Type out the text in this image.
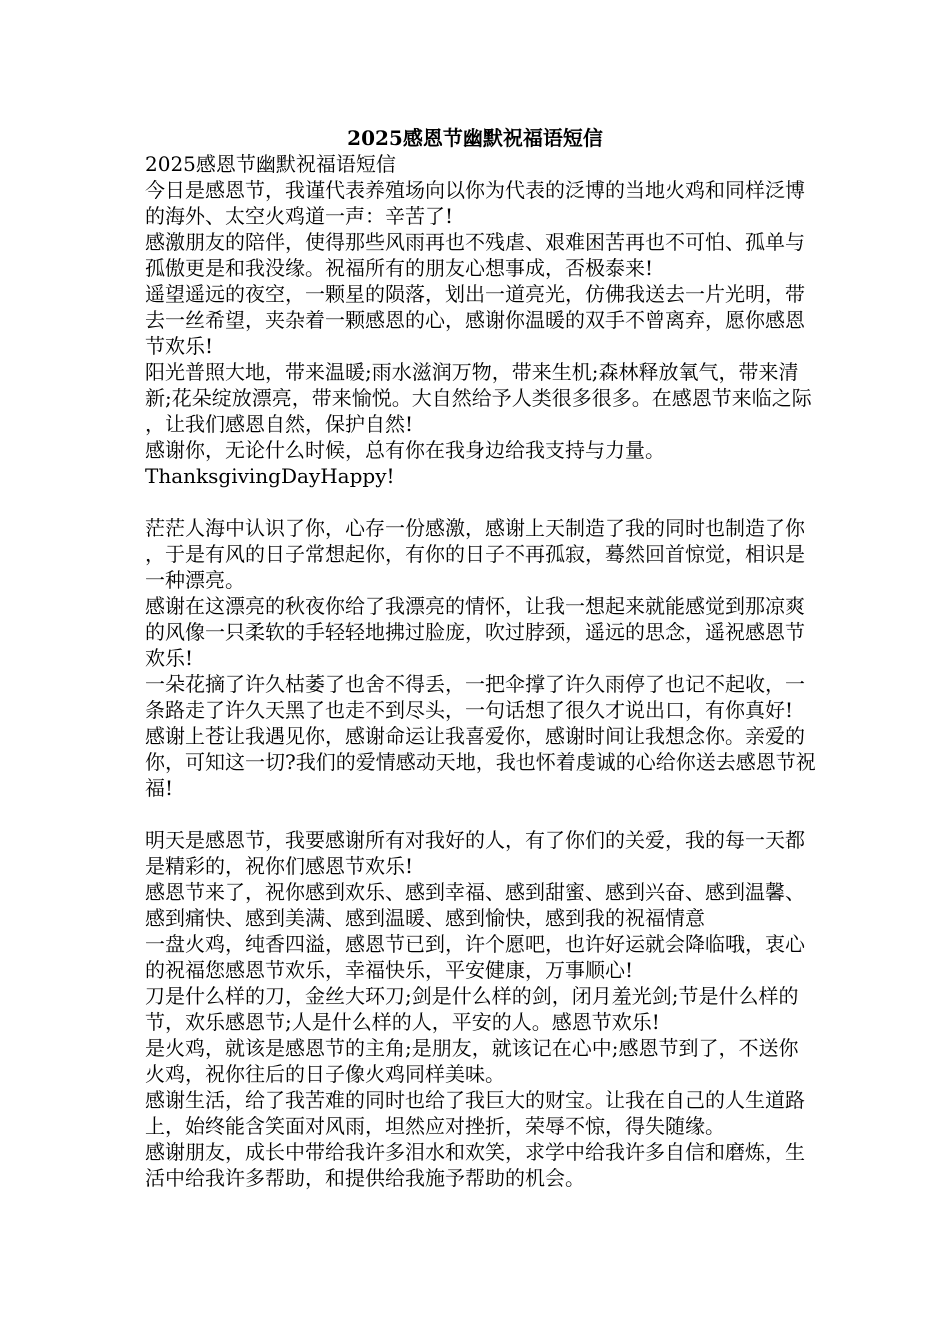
2025感恩节幽默祝福语短信

2025感恩节幽默祝福语短信

今日是感恩节，我谨代表养殖场向以你为代表的泛博的当地火鸡和同样泛博的海外、太空火鸡道一声：辛苦了!

感激朋友的陪伴，使得那些风雨再也不残虐、艰难困苦再也不可怕、孤单与孤傲更是和我没缘。祝福所有的朋友心想事成，否极泰来!

遥望遥远的夜空，一颗星的陨落，划出一道亮光，仿佛我送去一片光明，带去一丝希望，夹杂着一颗感恩的心，感谢你温暖的双手不曾离弃，愿你感恩节欢乐!

阳光普照大地，带来温暖;雨水滋润万物，带来生机;森林释放氧气，带来清新;花朵绽放漂亮，带来愉悦。大自然给予人类很多很多。在感恩节来临之际，让我们感恩自然，保护自然!

感谢你，无论什么时候，总有你在我身边给我支持与力量。

ThanksgivingDayHappy!

茫茫人海中认识了你，心存一份感激，感谢上天制造了我的同时也制造了你，于是有风的日子常想起你，有你的日子不再孤寂，蓦然回首惊觉，相识是一种漂亮。

感谢在这漂亮的秋夜你给了我漂亮的情怀，让我一想起来就能感觉到那凉爽的风像一只柔软的手轻轻地拂过脸庞，吹过脖颈，遥远的思念，遥祝感恩节欢乐!

一朵花摘了许久枯萎了也舍不得丢，一把伞撑了许久雨停了也记不起收，一条路走了许久天黑了也走不到尽头，一句话想了很久才说出口，有你真好!

感谢上苍让我遇见你，感谢命运让我喜爱你，感谢时间让我想念你。亲爱的你，可知这一切?我们的爱情感动天地，我也怀着虔诚的心给你送去感恩节祝福!

明天是感恩节，我要感谢所有对我好的人，有了你们的关爱，我的每一天都是精彩的，祝你们感恩节欢乐!

感恩节来了，祝你感到欢乐、感到幸福、感到甜蜜、感到兴奋、感到温馨、感到痛快、感到美满、感到温暖、感到愉快，感到我的祝福情意

一盘火鸡，纯香四溢，感恩节已到，许个愿吧，也许好运就会降临哦，衷心的祝福您感恩节欢乐，幸福快乐，平安健康，万事顺心!

刀是什么样的刀，金丝大环刀;剑是什么样的剑，闭月羞光剑;节是什么样的节，欢乐感恩节;人是什么样的人，平安的人。感恩节欢乐!

是火鸡，就该是感恩节的主角;是朋友，就该记在心中;感恩节到了，不送你火鸡，祝你往后的日子像火鸡同样美味。

感谢生活，给了我苦难的同时也给了我巨大的财宝。让我在自己的人生道路上，始终能含笑面对风雨，坦然应对挫折，荣辱不惊，得失随缘。

感谢朋友，成长中带给我许多泪水和欢笑，求学中给我许多自信和磨炼，生活中给我许多帮助，和提供给我施予帮助的机会。
